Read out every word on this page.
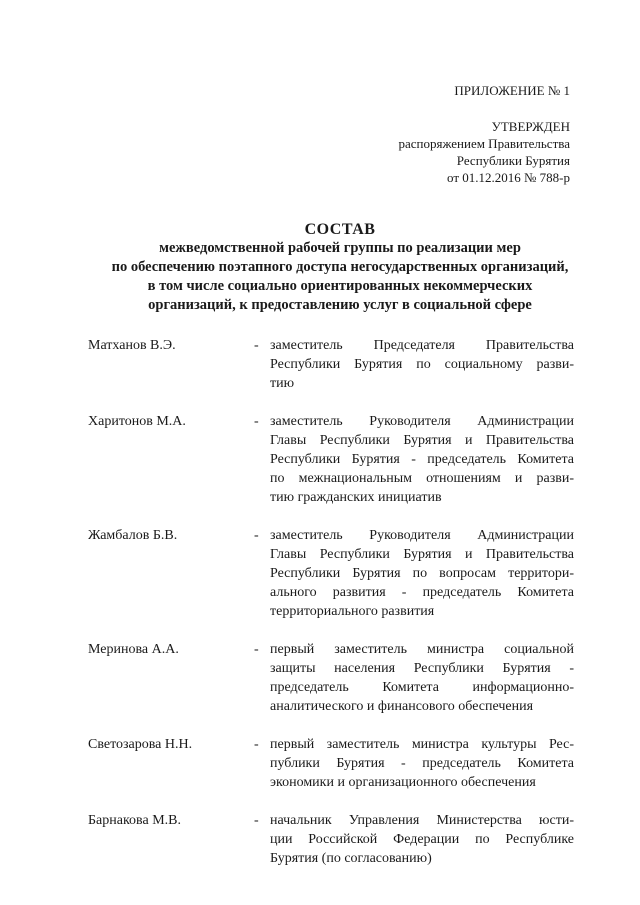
ПРИЛОЖЕНИЕ № 1
УТВЕРЖДЕН
распоряжением Правительства
Республики Бурятия
от 01.12.2016 № 788-р
СОСТАВ
межведомственной рабочей группы по реализации мер
по обеспечению поэтапного доступа негосударственных организаций,
в том числе социально ориентированных некоммерческих
организаций, к предоставлению услуг в социальной сфере
Матханов В.Э.	- заместитель Председателя Правительства
Республики Бурятия по социальному разви-
тию
Харитонов М.А.	- заместитель Руководителя Администрации
Главы Республики Бурятия и Правительства
Республики Бурятия - председатель Комитета
по межнациональным отношениям и разви-
тию гражданских инициатив
Жамбалов Б.В.	- заместитель Руководителя Администрации
Главы Республики Бурятия и Правительства
Республики Бурятия по вопросам территори-
ального развития - председатель Комитета
территориального развития
Меринова А.А.	- первый заместитель министра социальной
защиты населения Республики Бурятия -
председатель Комитета информационно-
аналитического и финансового обеспечения
Светозарова Н.Н.	- первый заместитель министра культуры Рес-
публики Бурятия - председатель Комитета
экономики и организационного обеспечения
Барнакова М.В.	- начальник Управления Министерства юсти-
ции Российской Федерации по Республике
Бурятия (по согласованию)
